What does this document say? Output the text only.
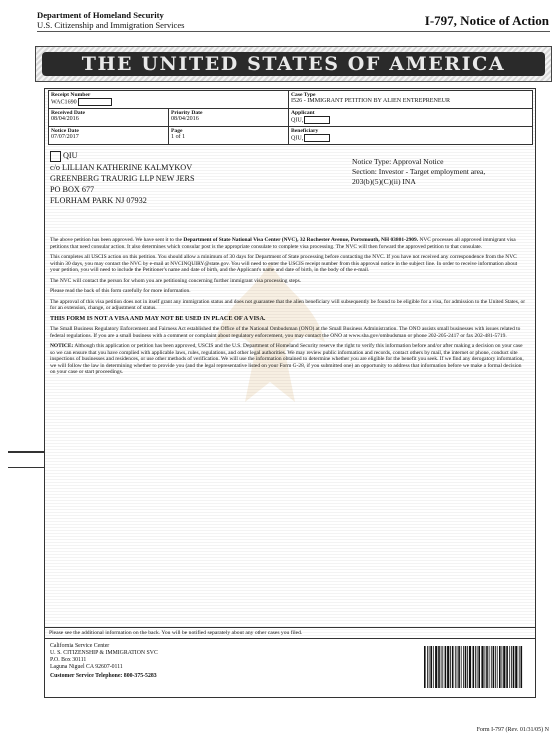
Department of Homeland Security
U.S. Citizenship and Immigration Services	I-797, Notice of Action
THE UNITED STATES OF AMERICA
Receipt Number
WAC1690
Case Type
I526 - IMMIGRANT PETITION BY ALIEN ENTREPRENEUR
Received Date
08/04/2016
Priority Date
08/04/2016
Applicant
QIU,
Notice Date
07/07/2017
Page
1 of 1
Beneficiary
QIU,
QIU
c/o LILLIAN KATHERINE KALMYKOV
GREENBERG TRAURIG LLP NEW JERS
PO BOX 677
FLORHAM PARK NJ 07932
Notice Type: Approval Notice
Section: Investor - Target employment area,
203(b)(5)(C)(ii) INA

The above petition has been approved. We have sent it to the Department of State National Visa Center (NVC), 32 Rochester Avenue, Portsmouth, NH 03801-2909. NVC processes all approved immigrant visa petitions that need consular action. It also determines which consular post is the appropriate consulate to complete visa processing. The NVC will then forward the approved petition to that consulate.

This completes all USCIS action on this petition. You should allow a minimum of 30 days for Department of State processing before contacting the NVC. If you have not received any correspondence from the NVC within 30 days, you may contact the NVC by e-mail at NVCINQUIRY@state.gov. You will need to enter the USCIS receipt number from this approval notice in the subject line. In order to receive information about your petition, you will need to include the Petitioner's name and date of birth, and the Applicant's name and date of birth, in the body of the e-mail.

The NVC will contact the person for whom you are petitioning concerning further immigrant visa processing steps.

Please read the back of this form carefully for more information.

The approval of this visa petition does not in itself grant any immigration status and does not guarantee that the alien beneficiary will subsequently be found to be eligible for a visa, for admission to the United States, or for an extension, change, or adjustment of status.

THIS FORM IS NOT A VISA AND MAY NOT BE USED IN PLACE OF A VISA.

The Small Business Regulatory Enforcement and Fairness Act established the Office of the National Ombudsman (ONO) at the Small Business Administration. The ONO assists small businesses with issues related to federal regulations. If you are a small business with a comment or complaint about regulatory enforcement, you may contact the ONO at www.sba.gov/ombudsman or phone 202-205-2417 or fax 202-481-5719.

NOTICE: Although this application or petition has been approved, USCIS and the U.S. Department of Homeland Security reserve the right to verify this information before and/or after making a decision on your case so we can ensure that you have complied with applicable laws, rules, regulations, and other legal authorities. We may review public information and records, contact others by mail, the internet or phone, conduct site inspections of businesses and residences, or use other methods of verification. We will use the information obtained to determine whether you are eligible for the benefit you seek. If we find any derogatory information, we will follow the law in determining whether to provide you (and the legal representative listed on your Form G-28, if you submitted one) an opportunity to address that information before we make a formal decision on your case or start proceedings.

Please see the additional information on the back. You will be notified separately about any other cases you filed.
California Service Center
U. S. CITIZENSHIP & IMMIGRATION SVC
P.O. Box 30111
Laguna Niguel CA 92607-0111
Customer Service Telephone: 800-375-5283
Form I-797 (Rev. 01/31/05) N
